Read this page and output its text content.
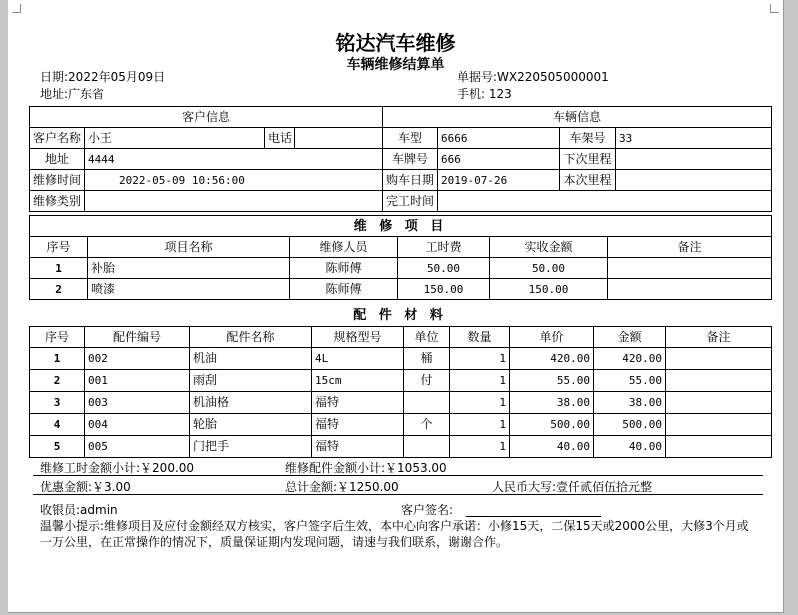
铭达汽车维修
车辆维修结算单
日期:2022年05月09日
地址:广东省
单据号:WX220505000001
手机: 123
客户信息				车辆信息			
客户名称	小王	电话		车型	6666	车架号	33
地址	4444			车牌号	666	下次里程	
维修时间	2022-05-09 10:56:00			购车日期	2019-07-26	本次里程	
维修类别				完工时间			
维 修 项 目					
序号	项目名称	维修人员	工时费	实收金额	备注
1	补胎	陈师傅	50.00	50.00	
2	喷漆	陈师傅	150.00	150.00	
配 件 材 料
序号	配件编号	配件名称	规格型号	单位	数量	单价	金额	备注
1	002	机油	4L	桶	1	420.00	420.00	
2	001	雨刮	15cm	付	1	55.00	55.00	
3	003	机油格	福特		1	38.00	38.00	
4	004	轮胎	福特	个	1	500.00	500.00	
5	005	门把手	福特		1	40.00	40.00	
维修工时金额小计:￥200.00	维修配件金额小计:￥1053.00
优惠金额:￥3.00	总计金额:￥1250.00	人民币大写:壹仟贰佰伍拾元整
收银员:admin	客户签名:
温馨小提示:维修项目及应付金额经双方核实，客户签字后生效，本中心向客户承诺：小修15天，二保15天或2000公里，大修3个月或一万公里，在正常操作的情况下，质量保证期内发现问题，请速与我们联系，谢谢合作。
